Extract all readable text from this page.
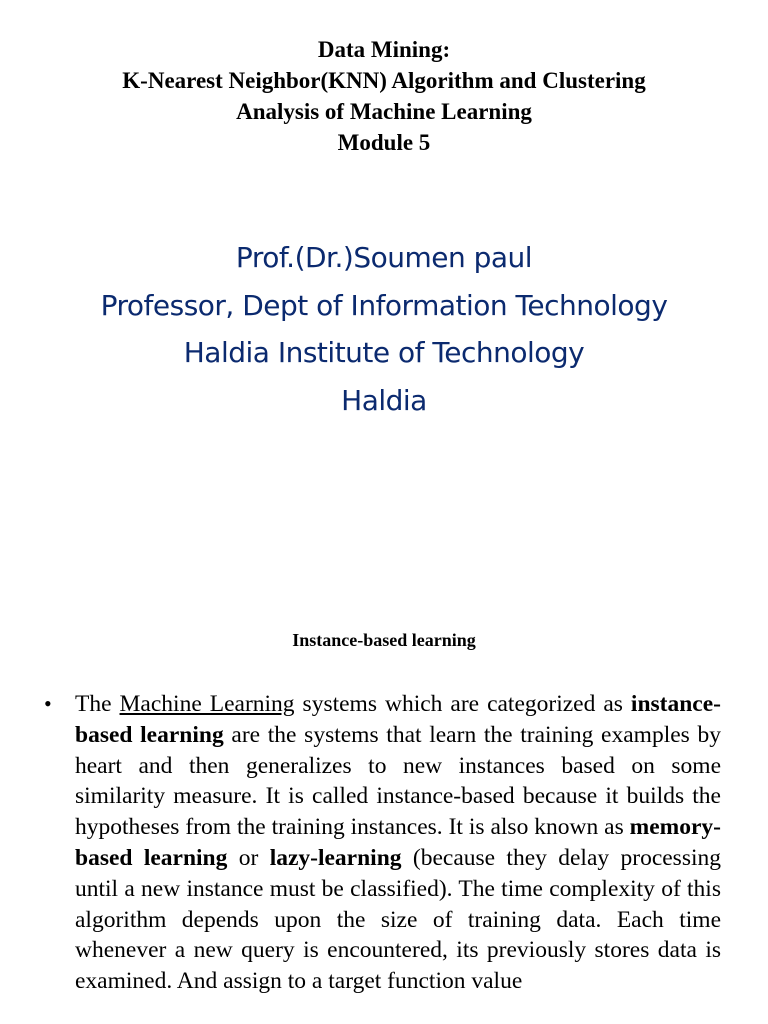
Data Mining:
K-Nearest Neighbor(KNN) Algorithm and Clustering
Analysis of Machine Learning
Module 5
Prof.(Dr.)Soumen paul
Professor, Dept of Information Technology
Haldia Institute of Technology
Haldia
Instance-based learning
• The Machine Learning systems which are categorized as instance-based learning are the systems that learn the training examples by heart and then generalizes to new instances based on some similarity measure. It is called instance-based because it builds the hypotheses from the training instances. It is also known as memory-based learning or lazy-learning (because they delay processing until a new instance must be classified). The time complexity of this algorithm depends upon the size of training data. Each time whenever a new query is encountered, its previously stores data is examined. And assign to a target function value
